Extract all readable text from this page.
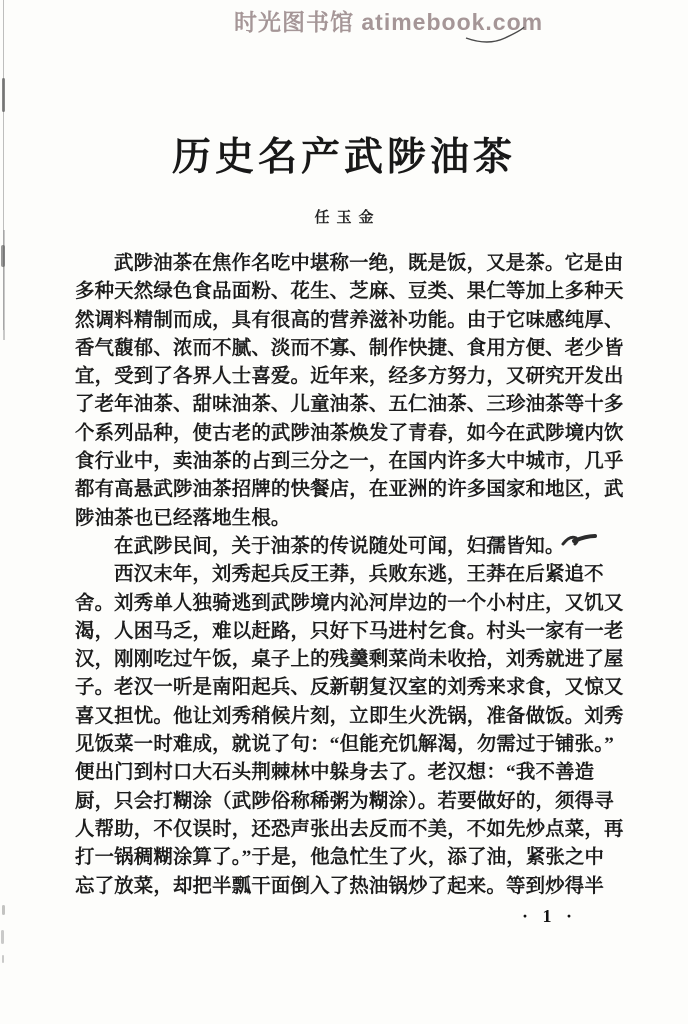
时光图书馆 atimebook.com
历史名产武陟油茶
任玉金
武陟油茶在焦作名吃中堪称一绝，既是饭，又是茶。它是由
多种天然绿色食品面粉、花生、芝麻、豆类、果仁等加上多种天
然调料精制而成，具有很高的营养滋补功能。由于它味感纯厚、
香气馥郁、浓而不腻、淡而不寡、制作快捷、食用方便、老少皆
宜，受到了各界人士喜爱。近年来，经多方努力，又研究开发出
了老年油茶、甜味油茶、儿童油茶、五仁油茶、三珍油茶等十多
个系列品种，使古老的武陟油茶焕发了青春，如今在武陟境内饮
食行业中，卖油茶的占到三分之一，在国内许多大中城市，几乎
都有高悬武陟油茶招牌的快餐店，在亚洲的许多国家和地区，武
陟油茶也已经落地生根。
在武陟民间，关于油茶的传说随处可闻，妇孺皆知。
西汉末年，刘秀起兵反王莽，兵败东逃，王莽在后紧追不
舍。刘秀单人独骑逃到武陟境内沁河岸边的一个小村庄，又饥又
渴，人困马乏，难以赶路，只好下马进村乞食。村头一家有一老
汉，刚刚吃过午饭，桌子上的残羹剩菜尚未收拾，刘秀就进了屋
子。老汉一听是南阳起兵、反新朝复汉室的刘秀来求食，又惊又
喜又担忧。他让刘秀稍候片刻，立即生火洗锅，准备做饭。刘秀
见饭菜一时难成，就说了句：“但能充饥解渴，勿需过于铺张。”
便出门到村口大石头荆棘林中躲身去了。老汉想：“我不善造
厨，只会打糊涂（武陟俗称稀粥为糊涂）。若要做好的，须得寻
人帮助，不仅误时，还恐声张出去反而不美，不如先炒点菜，再
打一锅稠糊涂算了。”于是，他急忙生了火，添了油，紧张之中
忘了放菜，却把半瓢干面倒入了热油锅炒了起来。等到炒得半
· 1 ·
